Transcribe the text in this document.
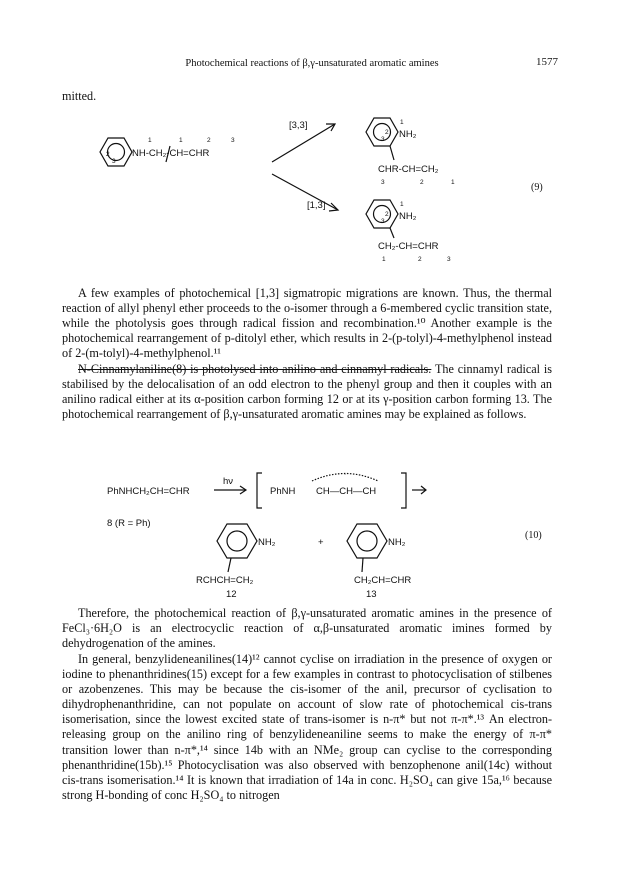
Photochemical reactions of β,γ-unsaturated aromatic amines	1577
mitted.
NH-CH₂-CH=CHR
1	1	2	3
2
3
[3,3]
[1,3]
NH₂
1
2
3
CHR-CH=CH₂
3	2	1
NH₂
1
2
3
CH₂-CH=CHR
1	2	3
(9)
PhNHCH₂CH=CHR
hν
PhNH CH—CH—CH
·
8 (R = Ph)
NH₂
RCHCH=CH₂
12
+	NH₂
CH₂CH=CHR
13
(10)
A few examples of photochemical [1,3] sigmatropic migrations are known. Thus, the thermal reaction of allyl phenyl ether proceeds to the o-isomer through a 6-membered cyclic transition state, while the photolysis goes through radical fission and recombination.¹⁰ Another example is the photochemical rearrangement of p-ditolyl ether, which results in 2-(p-tolyl)-4-methylphenol instead of 2-(m-tolyl)-4-methylphenol.¹¹
N-Cinnamylaniline(8) is photolysed into anilino and cinnamyl radicals. The cinnamyl radical is stabilised by the delocalisation of an odd electron to the phenyl group and then it couples with an anilino radical either at its α-position carbon forming 12 or at its γ-position carbon forming 13. The photochemical rearrangement of β,γ-unsaturated aromatic amines may be explained as follows.
Therefore, the photochemical reaction of β,γ-unsaturated aromatic amines in the presence of FeCl₃·6H₂O is an electrocyclic reaction of α,β-unsaturated aromatic imines formed by dehydrogenation of the amines.
In general, benzylideneanilines(14)¹² cannot cyclise on irradiation in the presence of oxygen or iodine to phenanthridines(15) except for a few examples in contrast to photocyclisation of stilbenes or azobenzenes. This may be because the cis-isomer of the anil, precursor of cyclisation to dihydrophenanthridine, can not populate on account of slow rate of photochemical cis-trans isomerisation, since the lowest excited state of trans-isomer is n-π* but not π-π*.¹³ An electron-releasing group on the anilino ring of benzylideneaniline seems to make the energy of π-π* transition lower than n-π*,¹⁴ since 14b with an NMe₂ group can cyclise to the corresponding phenanthridine(15b).¹⁵ Photocyclisation was also observed with benzophenone anil(14c) without cis-trans isomerisation.¹⁴ It is known that irradiation of 14a in conc. H₂SO₄ can give 15a,¹⁶ because strong H-bonding of conc H₂SO₄ to nitrogen
